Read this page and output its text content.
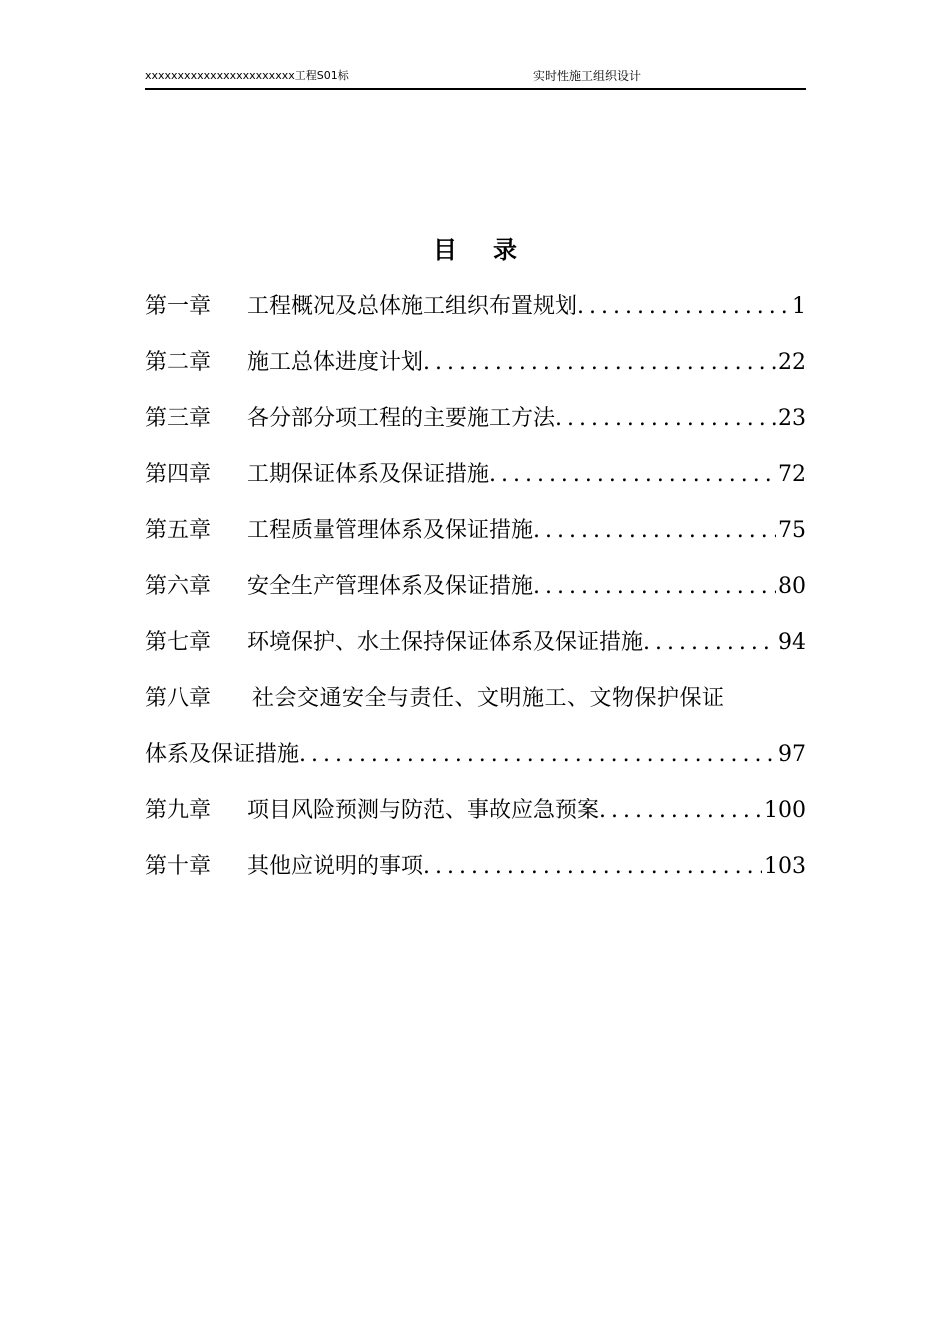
xxxxxxxxxxxxxxxxxxxxxxx工程S01标	实时性施工组织设计
目录
第一章	工程概况及总体施工组织布置规划 . . .	1
第二章	施工总体进度计划 . . .	22
第三章	各分部分项工程的主要施工方法 . . .	23
第四章	工期保证体系及保证措施 . . .	72
第五章	工程质量管理体系及保证措施 . . .	75
第六章	安全生产管理体系及保证措施 . . .	80
第七章	环境保护、水土保持保证体系及保证措施 . . .	94
第八章	社会交通安全与责任、文明施工、文物保护保证
体系及保证措施 . . .	97
第九章	项目风险预测与防范、事故应急预案 . . .	100
第十章	其他应说明的事项 . . .	103
